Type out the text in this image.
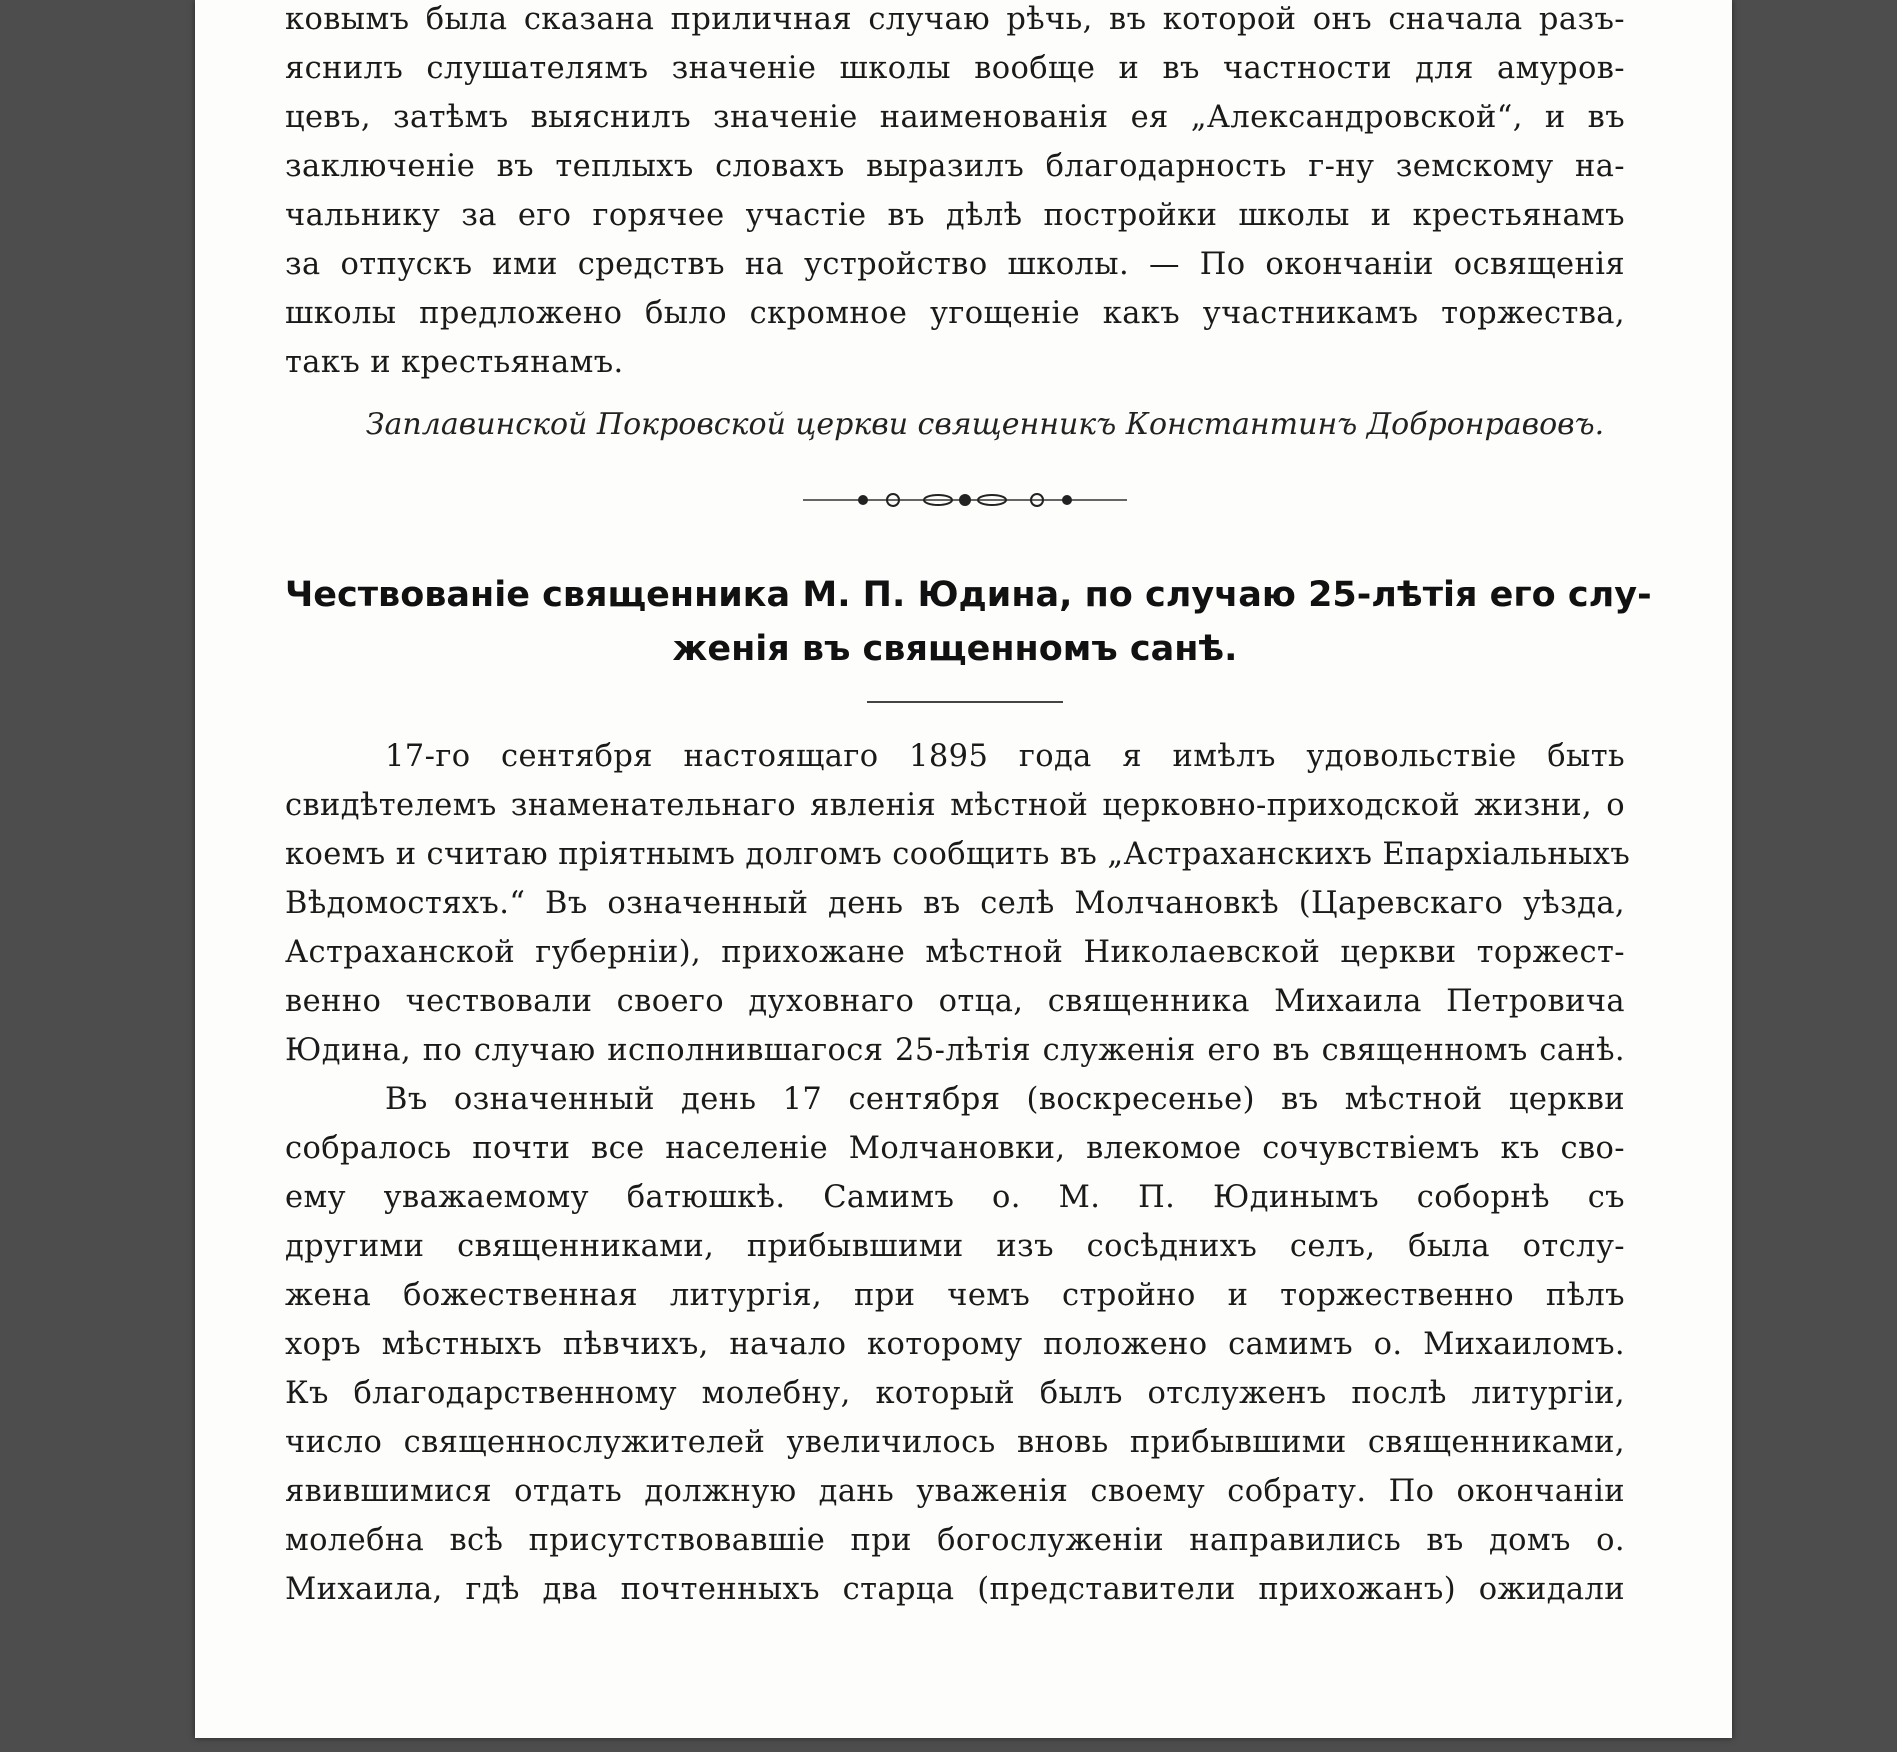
ковымъ была сказана приличная случаю рѣчь, въ которой онъ сначала разъ-
яснилъ слушателямъ значенiе школы вообще и въ частности для амуров-
цевъ, затѣмъ выяснилъ значенiе наименованiя ея „Александровской“, и въ
заключенiе въ теплыхъ словахъ выразилъ благодарность г-ну земскому на-
чальнику за его горячее участiе въ дѣлѣ постройки школы и крестьянамъ
за отпускъ ими средствъ на устройство школы. — По окончанiи освященiя
школы предложено было скромное угощенiе какъ участникамъ торжества,
такъ и крестьянамъ.
Заплавинской Покровской церкви священникъ Константинъ Добронравовъ.
Чествованiе священника М. П. Юдина, по случаю 25-лѣтiя его слу-
женiя въ священномъ санѣ.
17-го сентября настоящаго 1895 года я имѣлъ удовольствiе быть
свидѣтелемъ знаменательнаго явленiя мѣстной церковно-приходской жизни, о
коемъ и считаю прiятнымъ долгомъ сообщить въ „Астраханскихъ Епархiальныхъ
Вѣдомостяхъ.“ Въ означенный день въ селѣ Молчановкѣ (Царевскаго уѣзда,
Астраханской губернiи), прихожане мѣстной Николаевской церкви торжест-
венно чествовали своего духовнаго отца, священника Михаила Петровича
Юдина, по случаю исполнившагося 25-лѣтiя служенiя его въ священномъ санѣ.
Въ означенный день 17 сентября (воскресенье) въ мѣстной церкви
собралось почти все населенiе Молчановки, влекомое сочувствiемъ къ сво-
ему уважаемому батюшкѣ. Самимъ о. М. П. Юдинымъ соборнѣ съ
другими священниками, прибывшими изъ сосѣднихъ селъ, была отслу-
жена божественная литургiя, при чемъ стройно и торжественно пѣлъ
хоръ мѣстныхъ пѣвчихъ, начало которому положено самимъ о. Михаиломъ.
Къ благодарственному молебну, который былъ отслуженъ послѣ литургiи,
число священнослужителей увеличилось вновь прибывшими священниками,
явившимися отдать должную дань уваженiя своему собрату. По окончанiи
молебна всѣ присутствовавшiе при богослуженiи направились въ домъ о.
Михаила, гдѣ два почтенныхъ старца (представители прихожанъ) ожидали
